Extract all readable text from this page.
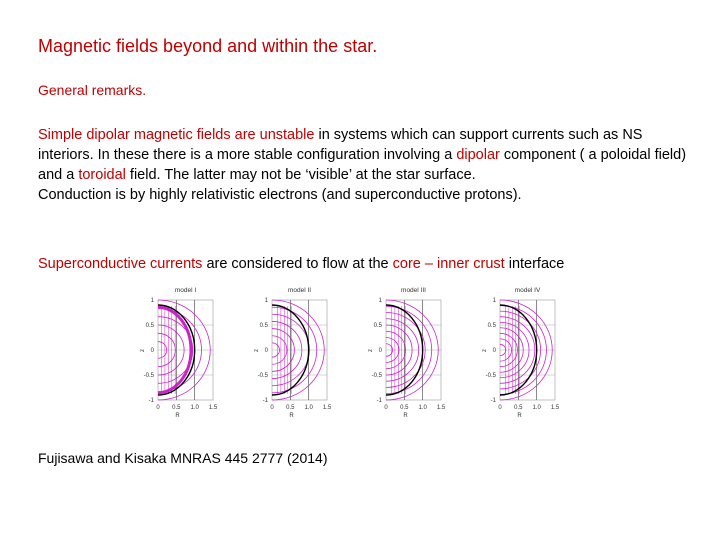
Magnetic fields beyond and within the star.
General remarks.
Simple dipolar magnetic fields are unstable in systems which can support currents such as NS interiors. In these there is a more stable configuration involving a dipolar component ( a poloidal field) and a toroidal field. The latter may not be ‘visible’ at the star surface.
Conduction is by highly relativistic electrons (and superconductive protons).
Superconductive currents are considered to flow at the core – inner crust interface
1
0.5
0
-0.5
-1
z
model I
0 0.5 1.0 1.5
R
1
0.5
0
-0.5
-1
z
model II
0 0.5 1.0 1.5
R
1
0.5
0
-0.5
-1
z
model III
0 0.5 1.0 1.5
R
1
0.5
0
-0.5
-1
z
model IV
0 0.5 1.0 1.5
R
Fujisawa and Kisaka MNRAS 445 2777 (2014)
